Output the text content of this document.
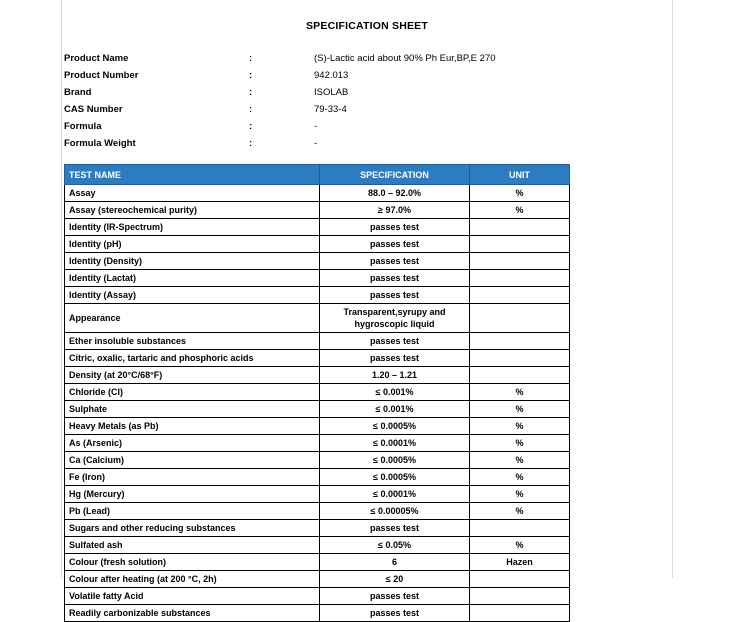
SPECIFICATION SHEET
Product Name	:	(S)-Lactic acid about 90% Ph Eur,BP,E 270
Product Number	:	942.013
Brand	:	ISOLAB
CAS Number	:	79-33-4
Formula	:	-
Formula Weight	:	-
TEST NAME	SPECIFICATION	UNIT
Assay	88.0 – 92.0%	%
Assay (stereochemical purity)	≥ 97.0%	%
Identity (IR-Spectrum)	passes test	
Identity (pH)	passes test	
Identity (Density)	passes test	
Identity (Lactat)	passes test	
Identity (Assay)	passes test	
Appearance	Transparent,syrupy and hygroscopic liquid	
Ether insoluble substances	passes test	
Citric, oxalic, tartaric and phosphoric acids	passes test	
Density (at 20°C/68°F)	1.20 – 1.21	
Chloride (Cl)	≤ 0.001%	%
Sulphate	≤ 0.001%	%
Heavy Metals (as Pb)	≤ 0.0005%	%
As (Arsenic)	≤ 0.0001%	%
Ca (Calcium)	≤ 0.0005%	%
Fe (Iron)	≤ 0.0005%	%
Hg (Mercury)	≤ 0.0001%	%
Pb (Lead)	≤ 0.00005%	%
Sugars and other reducing substances	passes test	
Sulfated ash	≤ 0.05%	%
Colour (fresh solution)	6	Hazen
Colour after heating (at 200 °C, 2h)	≤ 20	
Volatile fatty Acid	passes test	
Readily carbonizable substances	passes test	
